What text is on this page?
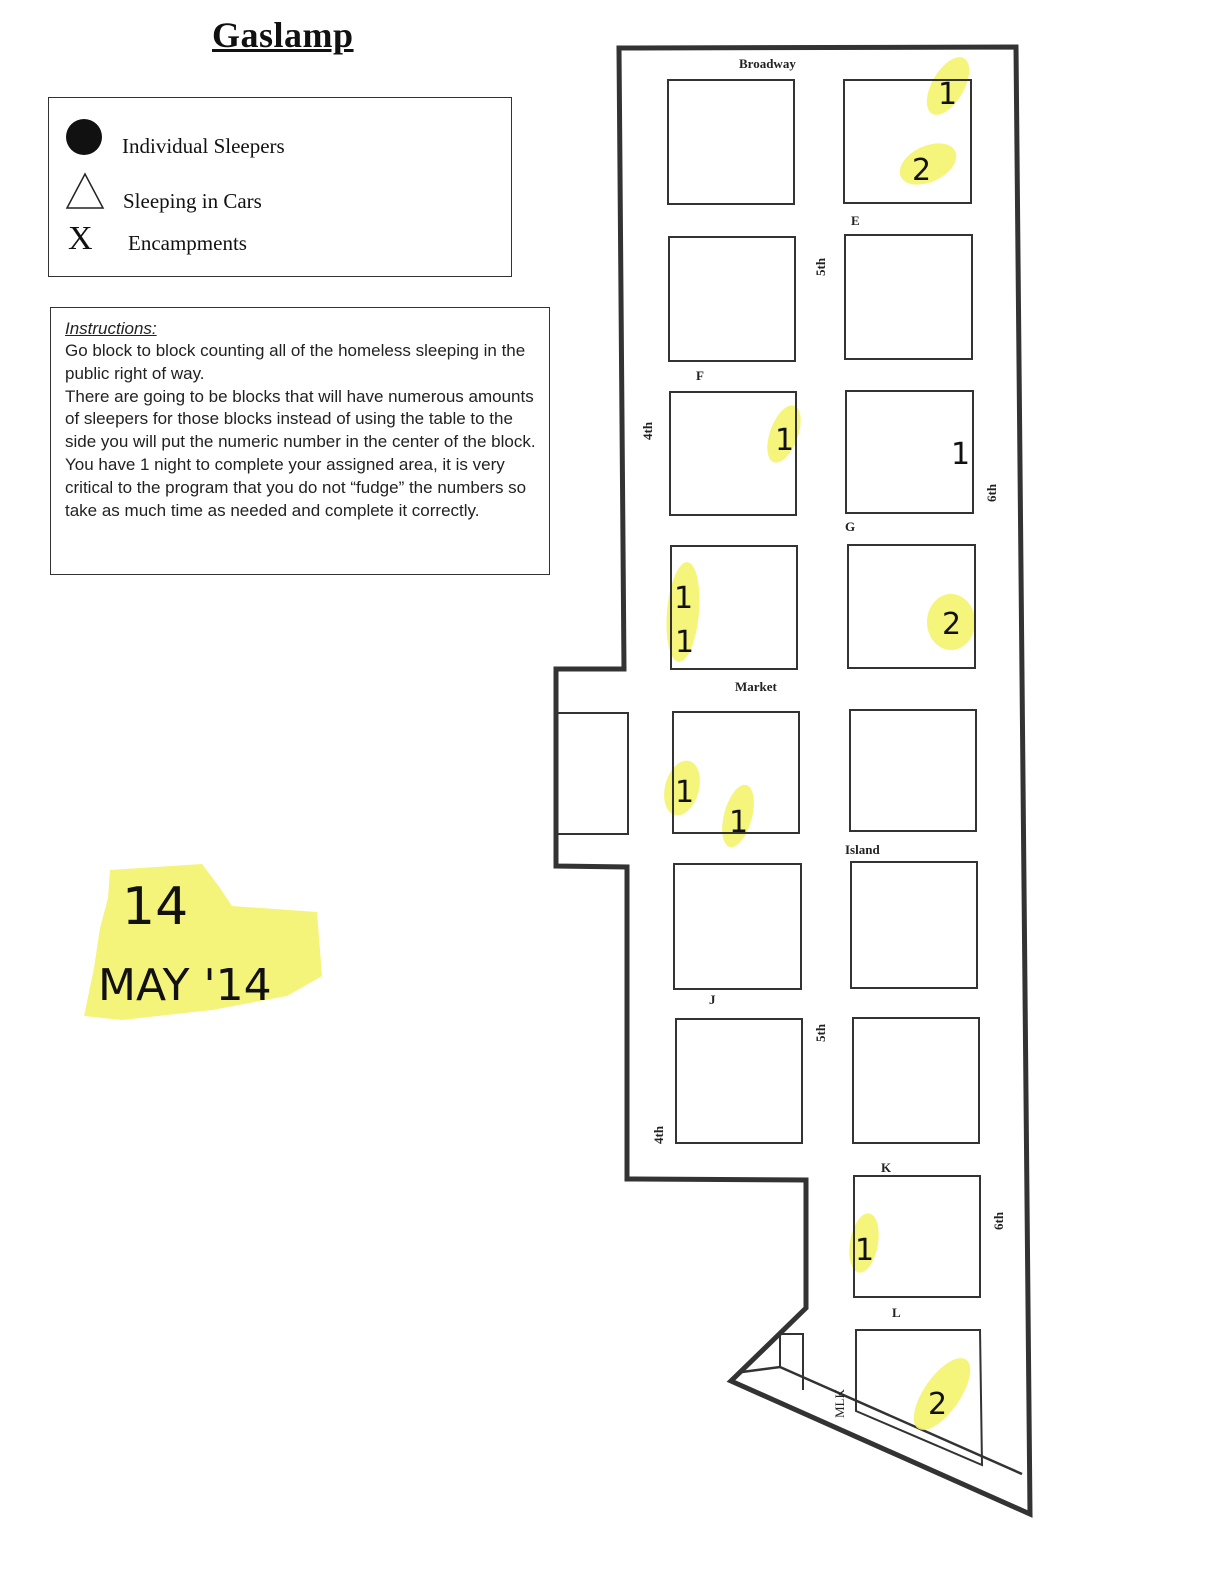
Gaslamp
Individual Sleepers
Sleeping in Cars
X Encampments
Instructions:

Go block to block counting all of the homeless sleeping in the public right of way.

There are going to be blocks that will have numerous amounts of sleepers for those blocks instead of using the table to the side you will put the numeric number in the center of the block.

You have 1 night to complete your assigned area, it is very critical to the program that you do not “fudge” the numbers so take as much time as needed and complete it correctly.

14
MAY '14
Broadway
E
F
G
Market
Island
J
K
L
4th
4th
5th
5th
6th
6th
MLK
1
2
1	1
1
1
2
1
1
1
2
